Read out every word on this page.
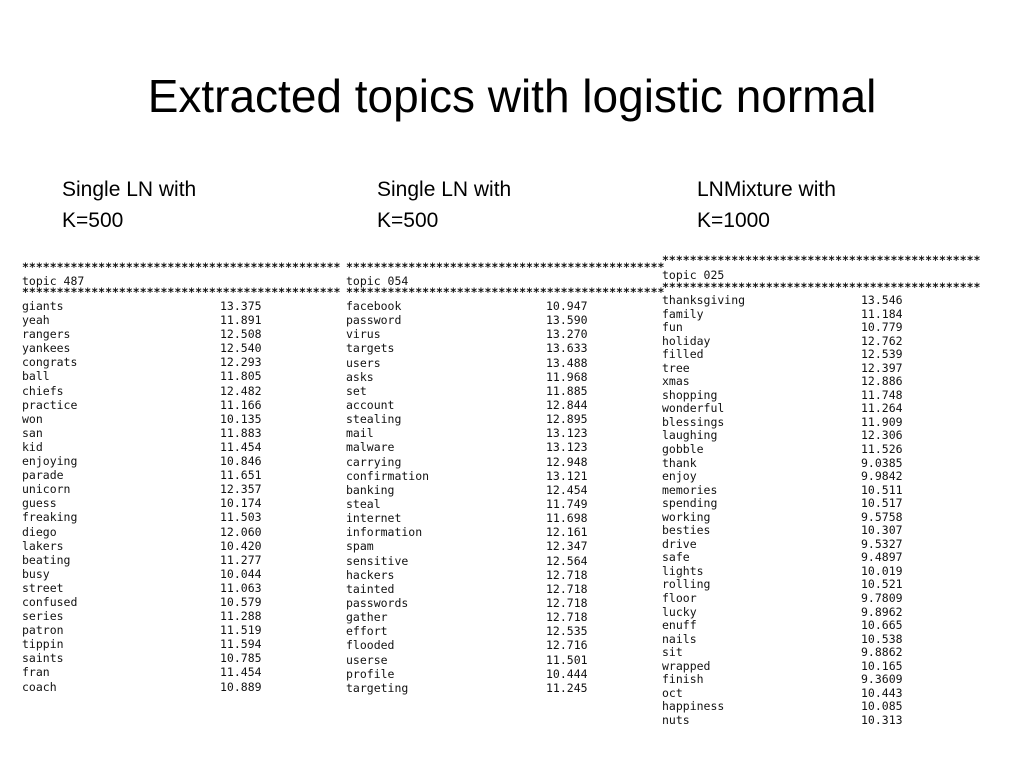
Extracted topics with logistic normal
Single LN with
K=500
Single LN with
K=500
LNMixture with
K=1000
**********************************************
topic 487
**********************************************
giants	13.375
yeah	11.891
rangers	12.508
yankees	12.540
congrats	12.293
ball	11.805
chiefs	12.482
practice	11.166
won	10.135
san	11.883
kid	11.454
enjoying	10.846
parade	11.651
unicorn	12.357
guess	10.174
freaking	11.503
diego	12.060
lakers	10.420
beating	11.277
busy	10.044
street	11.063
confused	10.579
series	11.288
patron	11.519
tippin	11.594
saints	10.785
fran	11.454
coach	10.889
**********************************************
topic 054
**********************************************
facebook	10.947
password	13.590
virus	13.270
targets	13.633
users	13.488
asks	11.968
set	11.885
account	12.844
stealing	12.895
mail	13.123
malware	13.123
carrying	12.948
confirmation	13.121
banking	12.454
steal	11.749
internet	11.698
information	12.161
spam	12.347
sensitive	12.564
hackers	12.718
tainted	12.718
passwords	12.718
gather	12.718
effort	12.535
flooded	12.716
userse	11.501
profile	10.444
targeting	11.245
**********************************************
topic 025
**********************************************
thanksgiving	13.546
family	11.184
fun	10.779
holiday	12.762
filled	12.539
tree	12.397
xmas	12.886
shopping	11.748
wonderful	11.264
blessings	11.909
laughing	12.306
gobble	11.526
thank	9.0385
enjoy	9.9842
memories	10.511
spending	10.517
working	9.5758
besties	10.307
drive	9.5327
safe	9.4897
lights	10.019
rolling	10.521
floor	9.7809
lucky	9.8962
enuff	10.665
nails	10.538
sit	9.8862
wrapped	10.165
finish	9.3609
oct	10.443
happiness	10.085
nuts	10.313
